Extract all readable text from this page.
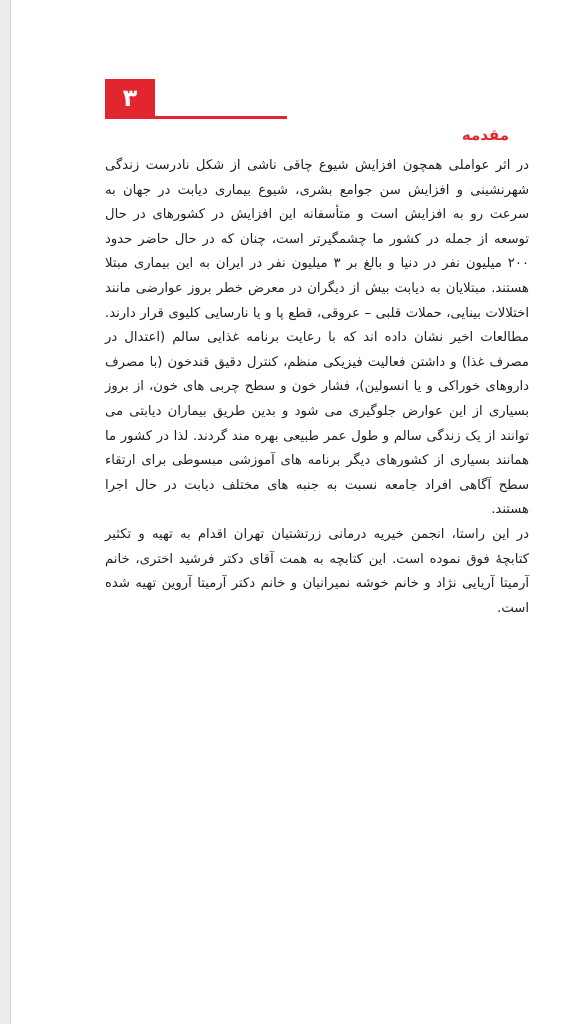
۳
مقدمه

در اثر عواملی همچون افزایش شیوع چاقی ناشی از شکل نادرست زندگی شهرنشینی و افزایش سن جوامع بشری، شیوع بیماری دیابت در جهان به سرعت رو به افزایش است و متأسفانه این افزایش در کشورهای در حال توسعه از جمله در کشور ما چشمگیرتر است، چنان که در حال حاضر حدود ۲۰۰ میلیون نفر در دنیا و بالغ بر ۳ میلیون نفر در ایران به این بیماری مبتلا هستند. مبتلایان به دیابت بیش از دیگران در معرض خطر بروز عوارضی مانند اختلالات بینایی، حملات قلبی – عروقی، قطع پا و یا نارسایی کلیوی قرار دارند. مطالعات اخیر نشان داده اند که با رعایت برنامه غذایی سالم (اعتدال در مصرف غذا) و داشتن فعالیت فیزیکی منظم، کنترل دقیق قندخون (با مصرف داروهای خوراکی و یا انسولین)، فشار خون و سطح چربی های خون، از بروز بسیاری از این عوارض جلوگیری می شود و بدین طریق بیماران دیابتی می توانند از یک زندگی سالم و طول عمر طبیعی بهره مند گردند. لذا در کشور ما همانند بسیاری از کشورهای دیگر برنامه های آموزشی مبسوطی برای ارتقاء سطح آگاهی افراد جامعه نسبت به جنبه های مختلف دیابت در حال اجرا هستند.

در این راستا، انجمن خیریه درمانی زرتشتیان تهران اقدام به تهیه و تکثیر کتابچهٔ فوق نموده است. این کتابچه به همت آقای دکتر فرشید اختری، خانم آرمیتا آریایی نژاد و خانم خوشه نمیرانیان و خانم دکتر آرمیتا آروین تهیه شده است.
